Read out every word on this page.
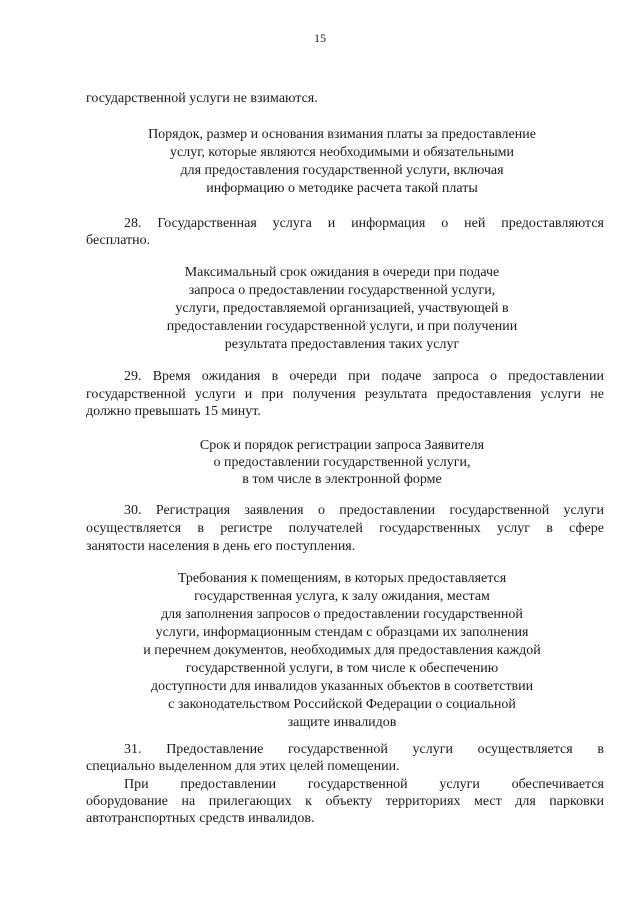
15
государственной услуги не взимаются.
Порядок, размер и основания взимания платы за предоставление
услуг, которые являются необходимыми и обязательными
для предоставления государственной услуги, включая
информацию о методике расчета такой платы
28. Государственная услуга и информация о ней предоставляются
бесплатно.
Максимальный срок ожидания в очереди при подаче
запроса о предоставлении государственной услуги,
услуги, предоставляемой организацией, участвующей в
предоставлении государственной услуги, и при получении
результата предоставления таких услуг
29. Время ожидания в очереди при подаче запроса о предоставлении
государственной услуги и при получения результата предоставления услуги не
должно превышать 15 минут.
Срок и порядок регистрации запроса Заявителя
о предоставлении государственной услуги,
в том числе в электронной форме
30. Регистрация заявления о предоставлении государственной услуги
осуществляется в регистре получателей государственных услуг в сфере
занятости населения в день его поступления.
Требования к помещениям, в которых предоставляется
государственная услуга, к залу ожидания, местам
для заполнения запросов о предоставлении государственной
услуги, информационным стендам с образцами их заполнения
и перечнем документов, необходимых для предоставления каждой
государственной услуги, в том числе к обеспечению
доступности для инвалидов указанных объектов в соответствии
с законодательством Российской Федерации о социальной
защите инвалидов
31. Предоставление государственной услуги осуществляется в
специально выделенном для этих целей помещении.
При предоставлении государственной услуги обеспечивается
оборудование на прилегающих к объекту территориях мест для парковки
автотранспортных средств инвалидов.
